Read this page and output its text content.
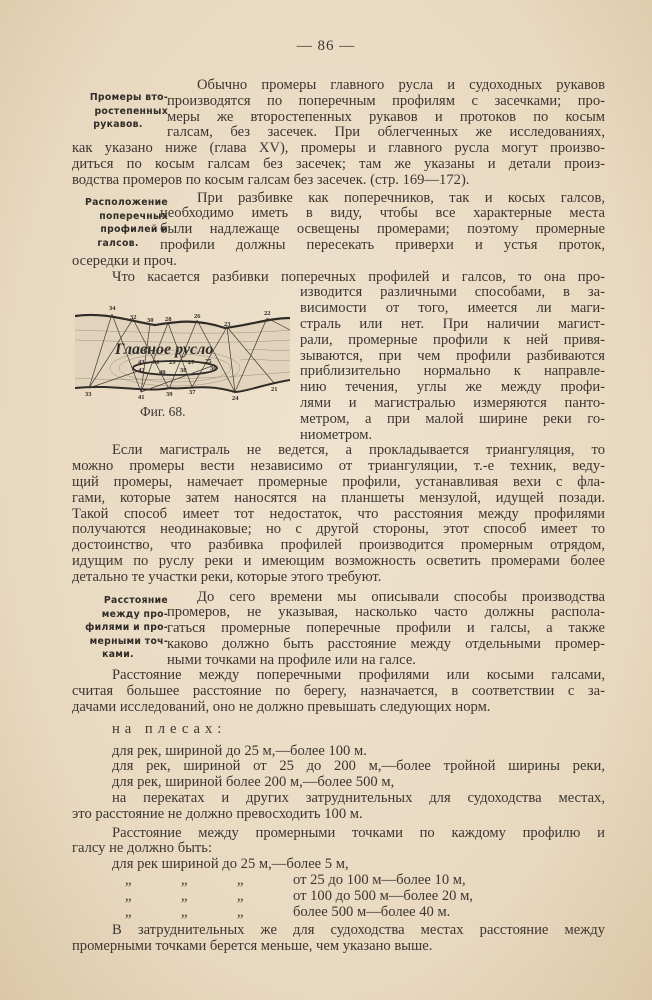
— 86 —
Промеры вто-
ростепенных
рукавов.
Расположение
поперечных
профилей и
галсов.
Расстояние
между про-
филями и про-
мерными точ-
ками.
Обычно промеры главного русла и судоходных рукавов
производятся по поперечным профилям с засечками; про-
меры же второстепенных рукавов и протоков по косым
галсам, без засечек. При облегченных же исследованиях,
как указано ниже (глава XV), промеры и главного русла могут произво-
диться по косым галсам без засечек; там же указаны и детали произ-
водства промеров по косым галсам без засечек. (стр. 169—172).
При разбивке как поперечников, так и косых галсов,
необходимо иметь в виду, чтобы все характерные места
были надлежаще освещены промерами; поэтому промерные
профили должны пересекать приверхи и устья проток,
осередки и проч.
Что касается разбивки поперечных профилей и галсов, то она про-
изводится различными способами, в за-
висимости от того, имеется ли маги-
страль или нет. При наличии магист-
рали, промерные профили к ней привя-
зываются, при чем профили разбиваются
приблизительно нормально к направле-
нию течения, углы же между профи-
лями и магистралью измеряются панто-
метром, а при малой ширине реки го-
ниометром.
Если магистраль не ведется, а прокладывается триангуляция, то
можно промеры вести независимо от триангуляции, т.-е техник, веду-
щий промеры, намечает промерные профили, устанавливая вехи с фла-
гами, которые затем наносятся на планшеты мензулой, идущей позади.
Такой способ имеет тот недостаток, что расстояния между профилями
получаются неодинаковые; но с другой стороны, этот способ имеет то
достоинство, что разбивка профилей производится промерным отрядом,
идущим по руслу реки и имеющим возможность осветить промерами более
детально те участки реки, которые этого требуют.
До сего времени мы описывали способы производства
промеров, не указывая, насколько часто должны распола-
гаться промерные поперечные профили и галсы, а также
каково должно быть расстояние между отдельными промер-
ными точками на профиле или на галсе.
Расстояние между поперечными профилями или косыми галсами,
считая большее расстояние по берегу, назначается, в соответствии с за-
дачами исследований, оно не должно превышать следующих норм.
на плесах:
для рек, шириной до 25 м,—более 100 м.
для рек, шириной от 25 до 200 м,—более тройной ширины реки,
для рек, шириной более 200 м,—более 500 м,
на перекатах и других затруднительных для судоходства местах,
это расстояние не должно превосходить 100 м.
Расстояние между промерными точками по каждому профилю и
галсу не должно быть:
для рек шириной до 25 м,—более 5 м,
„	„	„	от 25 до 100 м—более 10 м,
„	„	„	от 100 до 500 м—более 20 м,
„	„	„	более 500 м—более 40 м.
В затруднительных же для судоходства местах расстояние между
промерными точками берется меньше, чем указано выше.
Главное русло
34
32 30 28	26
23
22
33	41	39	37
24
21
43 31 29 27 25
42 40 38	36
Фиг. 68.
